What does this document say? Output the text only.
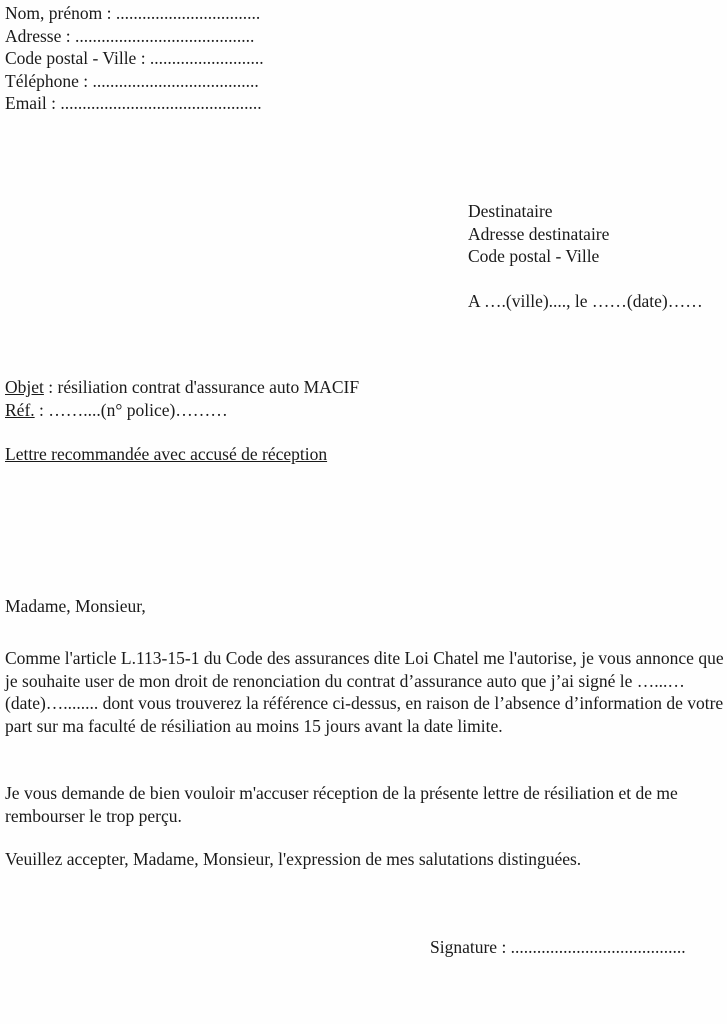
Nom, prénom : .................................
Adresse : .........................................
Code postal - Ville : ..........................
Téléphone : ......................................
Email : ..............................................
Destinataire
Adresse destinataire
Code postal - Ville
A ….(ville)...., le ……(date)……
Objet : résiliation contrat d'assurance auto MACIF
Réf. : ……....(n° police)………
Lettre recommandée avec accusé de réception
Madame, Monsieur,

Comme l'article L.113-15-1 du Code des assurances dite Loi Chatel me l'autorise, je vous annonce que je souhaite user de mon droit de renonciation du contrat d’assurance auto que j’ai signé le …...…(date)…........ dont vous trouverez la référence ci-dessus, en raison de l’absence d’information de votre part sur ma faculté de résiliation au moins 15 jours avant la date limite.

Je vous demande de bien vouloir m'accuser réception de la présente lettre de résiliation et de me rembourser le trop perçu.

Veuillez accepter, Madame, Monsieur, l'expression de mes salutations distinguées.

Signature : ........................................
